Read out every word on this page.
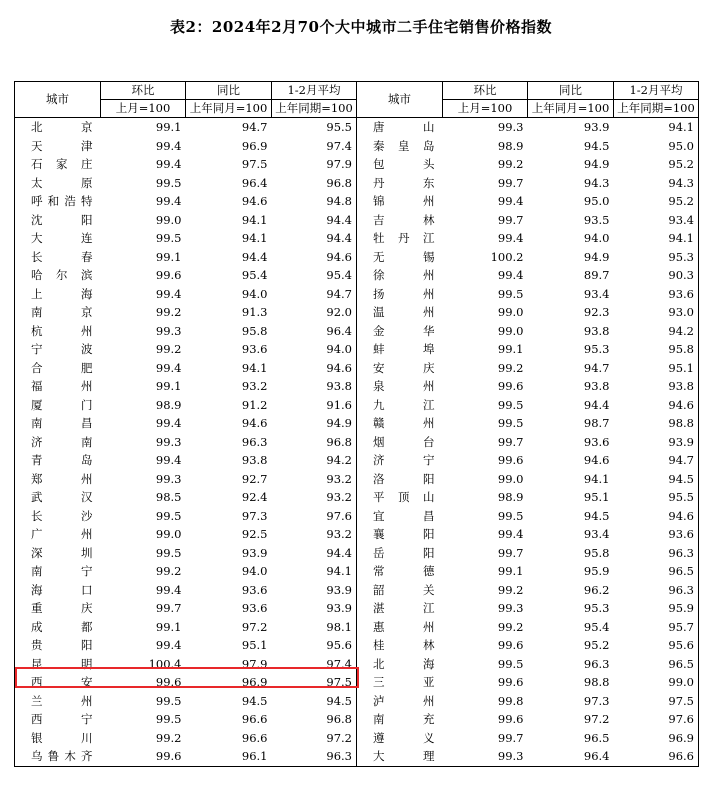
表2：2024年2月70个大中城市二手住宅销售价格指数
城市	环比	同比	1-2月平均	城市	环比	同比	1-2月平均
	上月=100	上年同月=100	上年同期=100		上月=100	上年同月=100	上年同期=100
北京	99.1	94.7	95.5	唐山	99.3	93.9	94.1
天津	99.4	96.9	97.4	秦皇岛	98.9	94.5	95.0
石家庄	99.4	97.5	97.9	包头	99.2	94.9	95.2
太原	99.5	96.4	96.8	丹东	99.7	94.3	94.3
呼和浩特	99.4	94.6	94.8	锦州	99.4	95.0	95.2
沈阳	99.0	94.1	94.4	吉林	99.7	93.5	93.4
大连	99.5	94.1	94.4	牡丹江	99.4	94.0	94.1
长春	99.1	94.4	94.6	无锡	100.2	94.9	95.3
哈尔滨	99.6	95.4	95.4	徐州	99.4	89.7	90.3
上海	99.4	94.0	94.7	扬州	99.5	93.4	93.6
南京	99.2	91.3	92.0	温州	99.0	92.3	93.0
杭州	99.3	95.8	96.4	金华	99.0	93.8	94.2
宁波	99.2	93.6	94.0	蚌埠	99.1	95.3	95.8
合肥	99.4	94.1	94.6	安庆	99.2	94.7	95.1
福州	99.1	93.2	93.8	泉州	99.6	93.8	93.8
厦门	98.9	91.2	91.6	九江	99.5	94.4	94.6
南昌	99.4	94.6	94.9	赣州	99.5	98.7	98.8
济南	99.3	96.3	96.8	烟台	99.7	93.6	93.9
青岛	99.4	93.8	94.2	济宁	99.6	94.6	94.7
郑州	99.3	92.7	93.2	洛阳	99.0	94.1	94.5
武汉	98.5	92.4	93.2	平顶山	98.9	95.1	95.5
长沙	99.5	97.3	97.6	宜昌	99.5	94.5	94.6
广州	99.0	92.5	93.2	襄阳	99.4	93.4	93.6
深圳	99.5	93.9	94.4	岳阳	99.7	95.8	96.3
南宁	99.2	94.0	94.1	常德	99.1	95.9	96.5
海口	99.4	93.6	93.9	韶关	99.2	96.2	96.3
重庆	99.7	93.6	93.9	湛江	99.3	95.3	95.9
成都	99.1	97.2	98.1	惠州	99.2	95.4	95.7
贵阳	99.4	95.1	95.6	桂林	99.6	95.2	95.6
昆明	100.4	97.9	97.4	北海	99.5	96.3	96.5
西安	99.6	96.9	97.5	三亚	99.6	98.8	99.0
兰州	99.5	94.5	94.5	泸州	99.8	97.3	97.5
西宁	99.5	96.6	96.8	南充	99.6	97.2	97.6
银川	99.2	96.6	97.2	遵义	99.7	96.5	96.9
乌鲁木齐	99.6	96.1	96.3	大理	99.3	96.4	96.6
